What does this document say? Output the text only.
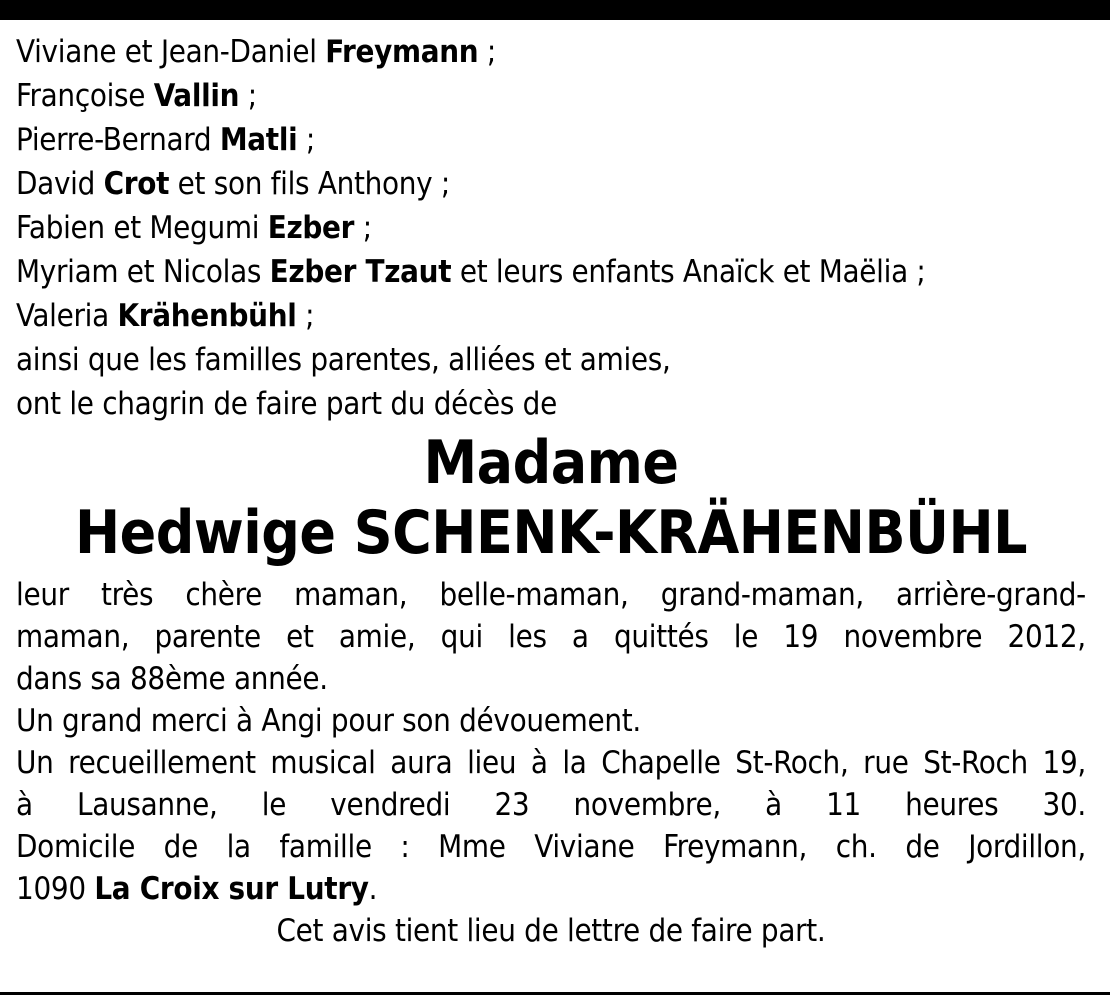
Viviane et Jean-Daniel Freymann ;
Françoise Vallin ;
Pierre-Bernard Matli ;
David Crot et son fils Anthony ;
Fabien et Megumi Ezber ;
Myriam et Nicolas Ezber Tzaut et leurs enfants Anaïck et Maëlia ;
Valeria Krähenbühl ;
ainsi que les familles parentes, alliées et amies,
ont le chagrin de faire part du décès de
Madame
Hedwige SCHENK-KRÄHENBÜHL
leur très chère maman, belle-maman, grand-maman, arrière-grand-
maman, parente et amie, qui les a quittés le 19 novembre 2012,
dans sa 88ème année.
Un grand merci à Angi pour son dévouement.
Un recueillement musical aura lieu à la Chapelle St-Roch, rue St-Roch 19,
à Lausanne, le vendredi 23 novembre, à 11 heures 30.
Domicile de la famille : Mme Viviane Freymann, ch. de Jordillon,
1090 La Croix sur Lutry.
Cet avis tient lieu de lettre de faire part.
